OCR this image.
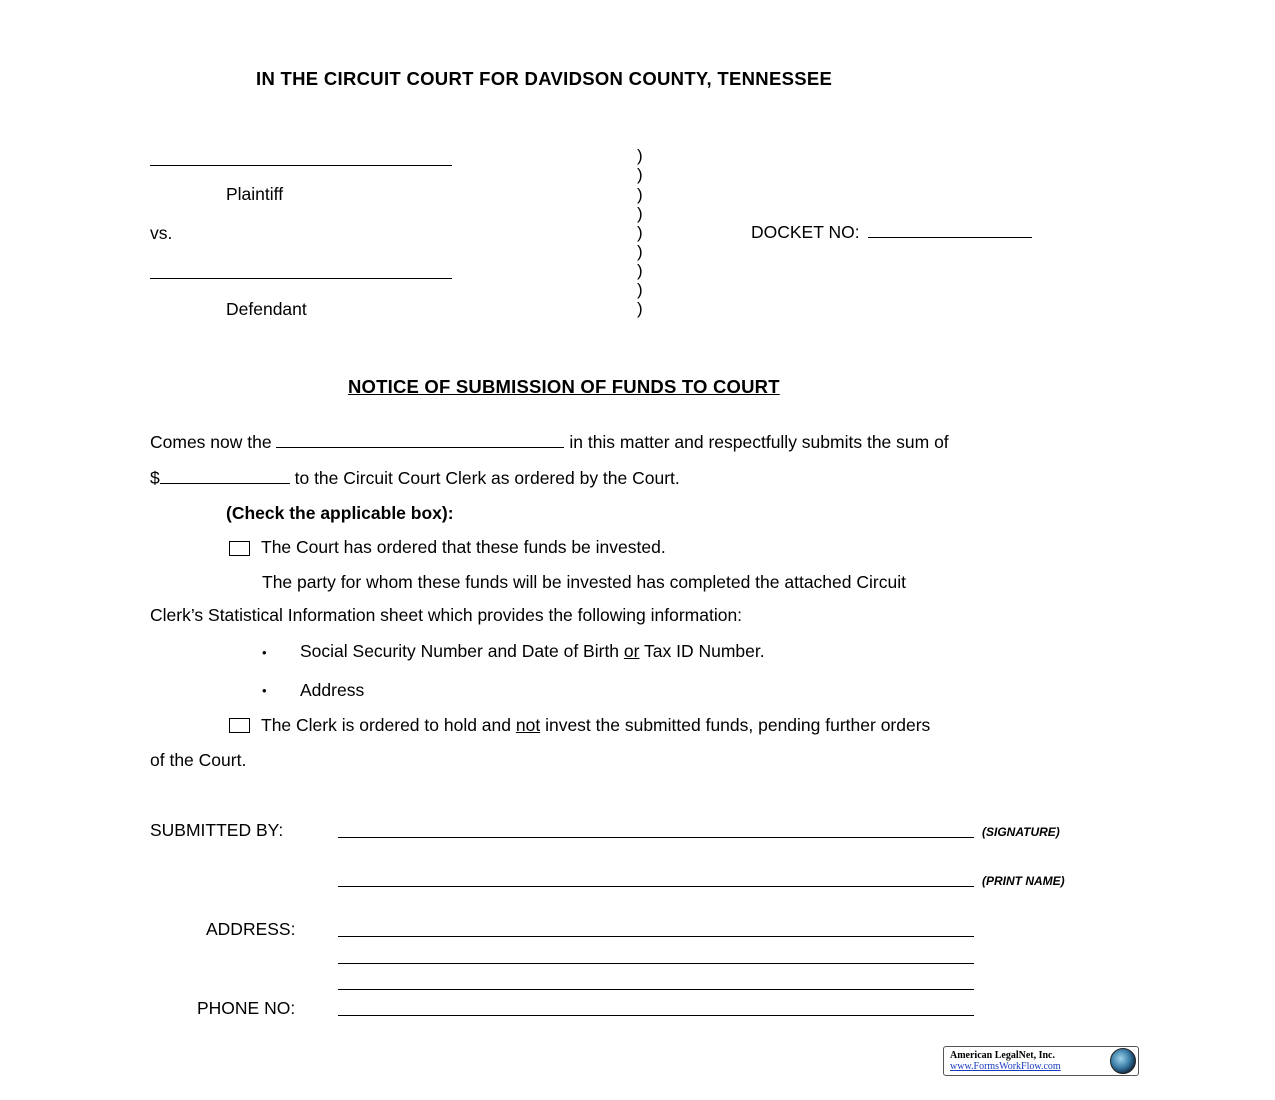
IN THE CIRCUIT COURT FOR DAVIDSON COUNTY, TENNESSEE
Plaintiff
vs.
Defendant
)
)
)
)
)
)
)
)
)
DOCKET NO:
NOTICE OF SUBMISSION OF FUNDS TO COURT
Comes now the	in this matter and respectfully submits the sum of
$	to the Circuit Court Clerk as ordered by the Court.
(Check the applicable box):
The Court has ordered that these funds be invested.
The party for whom these funds will be invested has completed the attached Circuit
Clerk’s Statistical Information sheet which provides the following information:
• Social Security Number and Date of Birth or Tax ID Number.
• Address
The Clerk is ordered to hold and not invest the submitted funds, pending further orders
of the Court.
SUBMITTED BY:	(SIGNATURE)
(PRINT NAME)
ADDRESS:
PHONE NO:
American LegalNet, Inc.
www.FormsWorkFlow.com
